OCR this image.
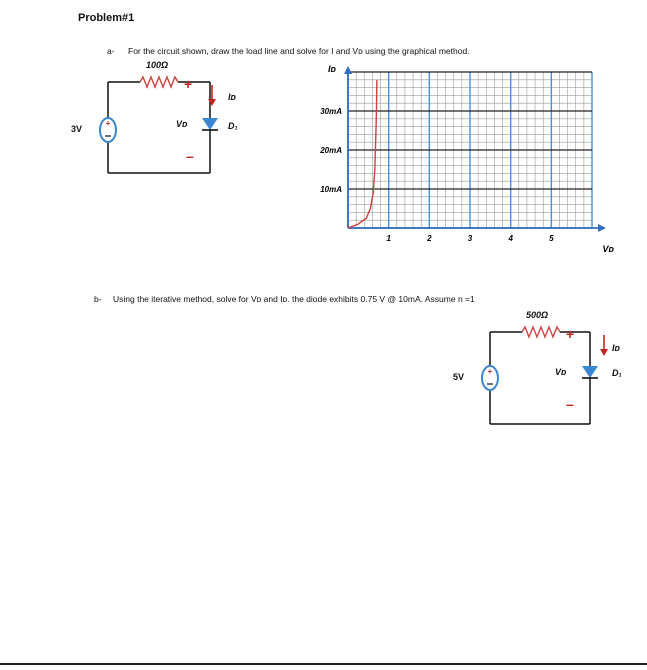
Problem#1
a- For the circuit shown, draw the load line and solve for I and Vᴅ using the graphical method.
+
100Ω
3V
+
–
Iᴅ
Vᴅ	D₁
1	2	3	4	5
10mA
20mA
30mA
Vᴅ
Iᴅ
b- Using the iterative method, solve for Vᴅ and Iᴅ. the diode exhibits 0.75 V @ 10mA. Assume n =1
+
500Ω
5V
+
–
Iᴅ
Vᴅ	D₁
